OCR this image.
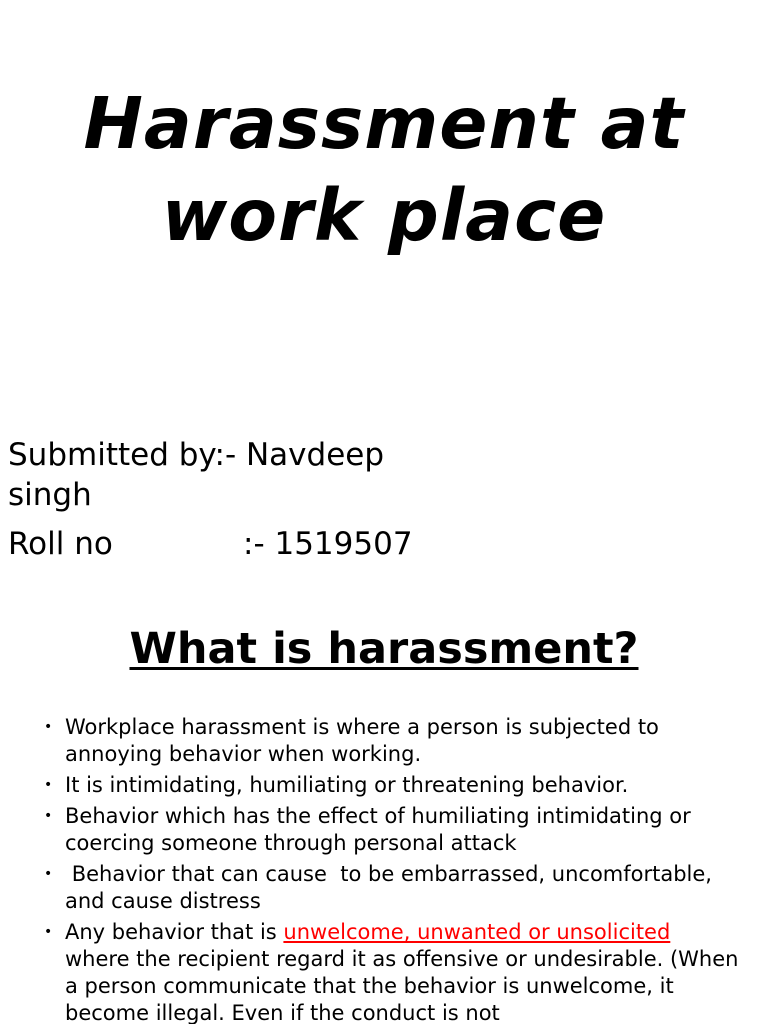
Harassment at
work place
Submitted by:- Navdeep
singh
Roll no	:- 1519507
What is harassment?
• Workplace harassment is where a person is subjected to annoying behavior when working.
• It is intimidating, humiliating or threatening behavior.
• Behavior which has the effect of humiliating intimidating or coercing someone through personal attack
• Behavior that can cause  to be embarrassed, uncomfortable, and cause distress
• Any behavior that is unwelcome, unwanted or unsolicited where the recipient regard it as offensive or undesirable. (When a person communicate that the behavior is unwelcome, it become illegal. Even if the conduct is not
